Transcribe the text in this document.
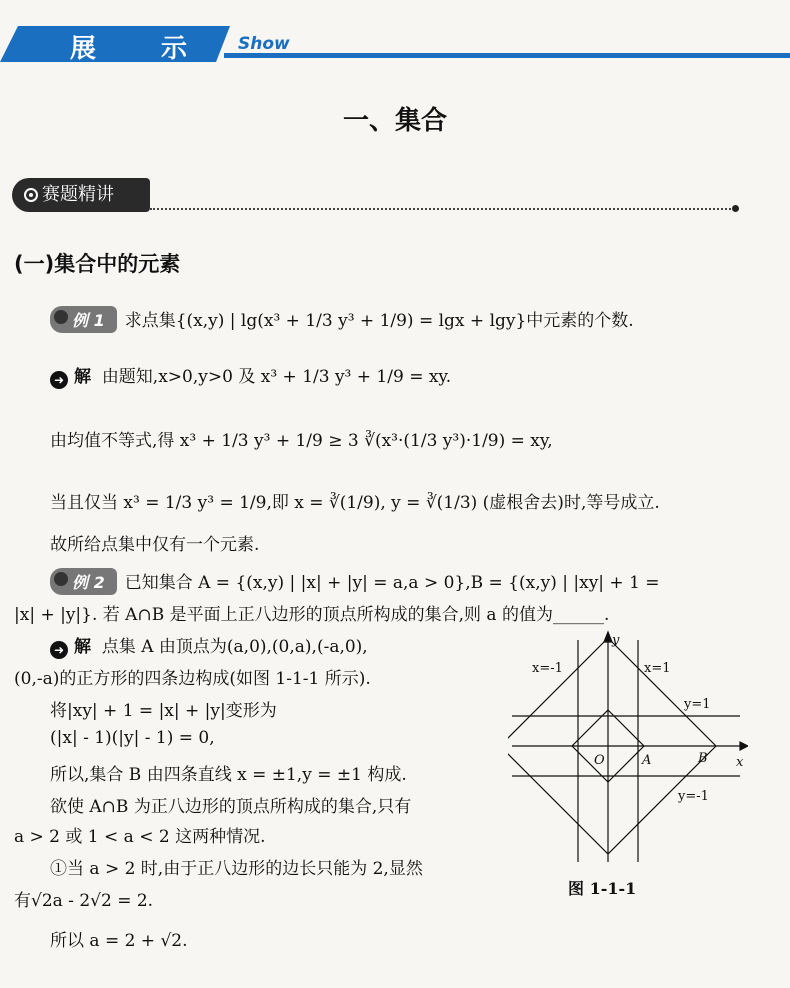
展 示 Show
一、集合
赛题精讲
(一)集合中的元素
例 1 求点集{(x,y) | lg(x³ + 1/3 y³ + 1/9) = lgx + lgy}中元素的个数.
➜ 解 由题知,x>0,y>0 及 x³ + 1/3 y³ + 1/9 = xy.
由均值不等式,得 x³ + 1/3 y³ + 1/9 ≥ 3 ∛(x³·(1/3 y³)·1/9) = xy,
当且仅当 x³ = 1/3 y³ = 1/9,即 x = ∛(1/9), y = ∛(1/3) (虚根舍去)时,等号成立.
故所给点集中仅有一个元素.
例 2 已知集合 A = {(x,y) | |x| + |y| = a,a > 0},B = {(x,y) | |xy| + 1 =
|x| + |y|}. 若 A∩B 是平面上正八边形的顶点所构成的集合,则 a 的值为______.
➜ 解 点集 A 由顶点为(a,0),(0,a),(-a,0),
(0,-a)的正方形的四条边构成(如图 1-1-1 所示).
将|xy| + 1 = |x| + |y|变形为
(|x| - 1)(|y| - 1) = 0,
所以,集合 B 由四条直线 x = ±1,y = ±1 构成.
欲使 A∩B 为正八边形的顶点所构成的集合,只有
a > 2 或 1 < a < 2 这两种情况.
①当 a > 2 时,由于正八边形的边长只能为 2,显然
有√2a - 2√2 = 2.
所以 a = 2 + √2.
y
x
x=-1	x=1
y=1
y=-1
O	A	B
图 1-1-1
